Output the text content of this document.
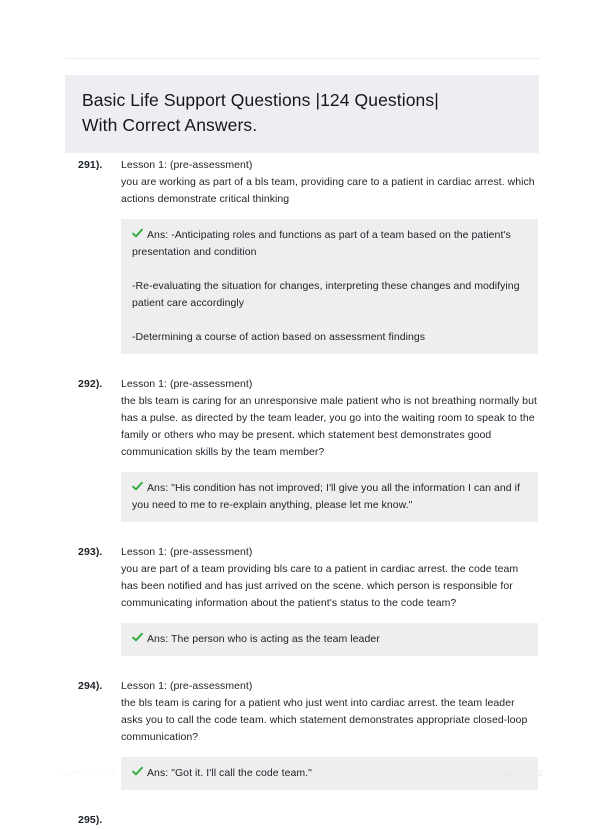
Basic Life Support Questions |124 Questions|
With Correct Answers.
291).	Lesson 1: (pre-assessment)
you are working as part of a bls team, providing care to a patient in cardiac arrest. which actions demonstrate critical thinking

Ans: -Anticipating roles and functions as part of a team based on the patient's presentation and condition

-Re-evaluating the situation for changes, interpreting these changes and modifying patient care accordingly

-Determining a course of action based on assessment findings

292).	Lesson 1: (pre-assessment)
the bls team is caring for an unresponsive male patient who is not breathing normally but has a pulse. as directed by the team leader, you go into the waiting room to speak to the family or others who may be present. which statement best demonstrates good communication skills by the team member?

Ans: "His condition has not improved; I'll give you all the information I can and if you need to me to re-explain anything, please let me know."

293).	Lesson 1: (pre-assessment)
you are part of a team providing bls care to a patient in cardiac arrest. the code team has been notified and has just arrived on the scene. which person is responsible for communicating information about the patient's status to the code team?

Ans: The person who is acting as the team leader

294).	Lesson 1: (pre-assessment)
the bls team is caring for a patient who just went into cardiac arrest. the team leader asks you to call the code team. which statement demonstrates appropriate closed-loop communication?

Ans: "Got it. I'll call the code team."

295).
PaperStific.com	Page 1 of 22
